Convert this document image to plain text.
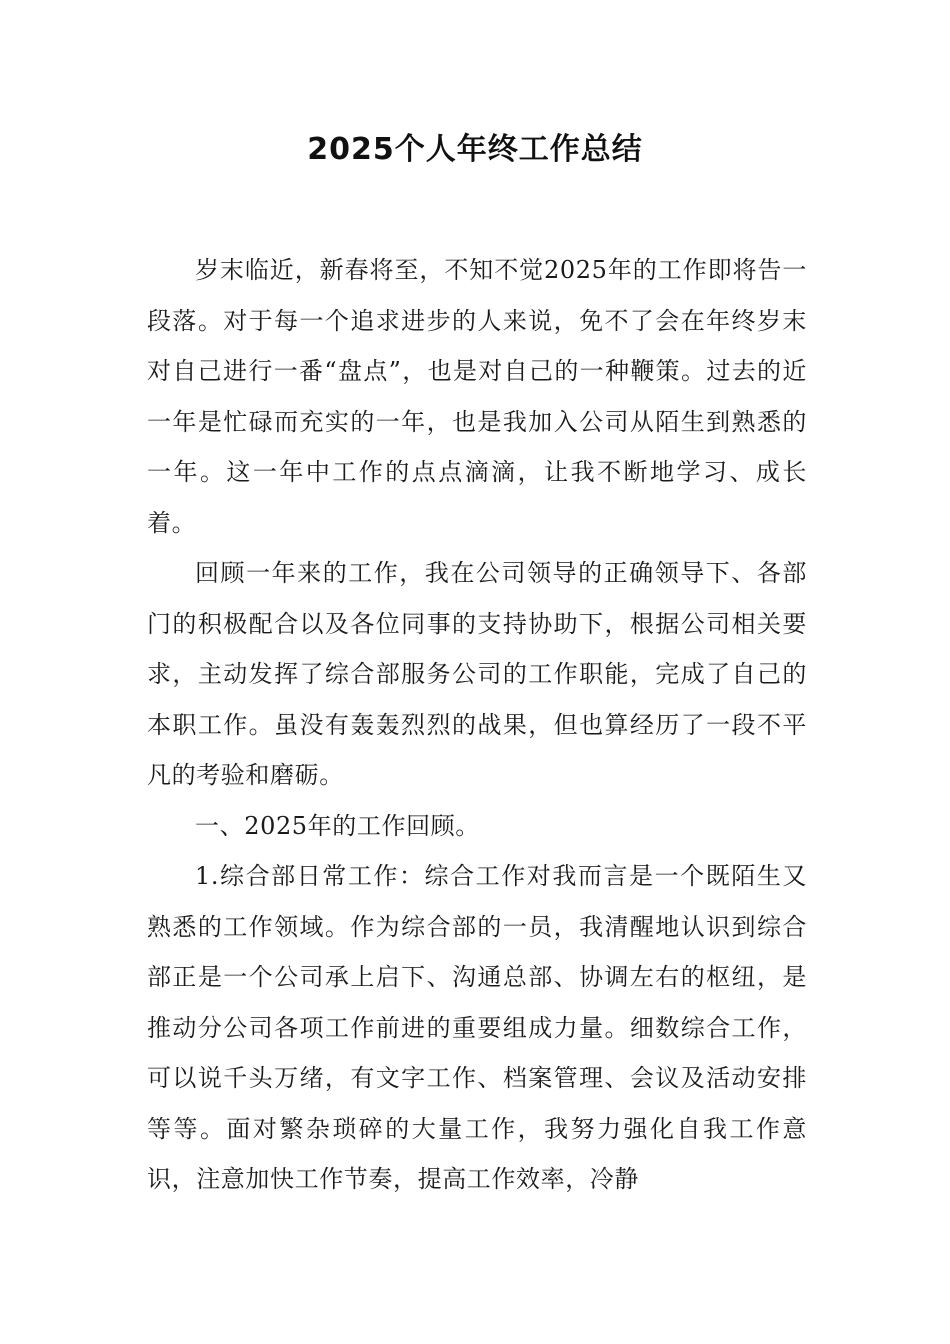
2025个人年终工作总结

岁末临近，新春将至，不知不觉2025年的工作即将告一段落。对于每一个追求进步的人来说，免不了会在年终岁末对自己进行一番“盘点”，也是对自己的一种鞭策。过去的近一年是忙碌而充实的一年，也是我加入公司从陌生到熟悉的一年。这一年中工作的点点滴滴，让我不断地学习、成长着。

回顾一年来的工作，我在公司领导的正确领导下、各部门的积极配合以及各位同事的支持协助下，根据公司相关要求，主动发挥了综合部服务公司的工作职能，完成了自己的本职工作。虽没有轰轰烈烈的战果，但也算经历了一段不平凡的考验和磨砺。

一、2025年的工作回顾。

1.综合部日常工作：综合工作对我而言是一个既陌生又熟悉的工作领域。作为综合部的一员，我清醒地认识到综合部正是一个公司承上启下、沟通总部、协调左右的枢纽，是推动分公司各项工作前进的重要组成力量。细数综合工作，可以说千头万绪，有文字工作、档案管理、会议及活动安排等等。面对繁杂琐碎的大量工作，我努力强化自我工作意识，注意加快工作节奏，提高工作效率，冷静
